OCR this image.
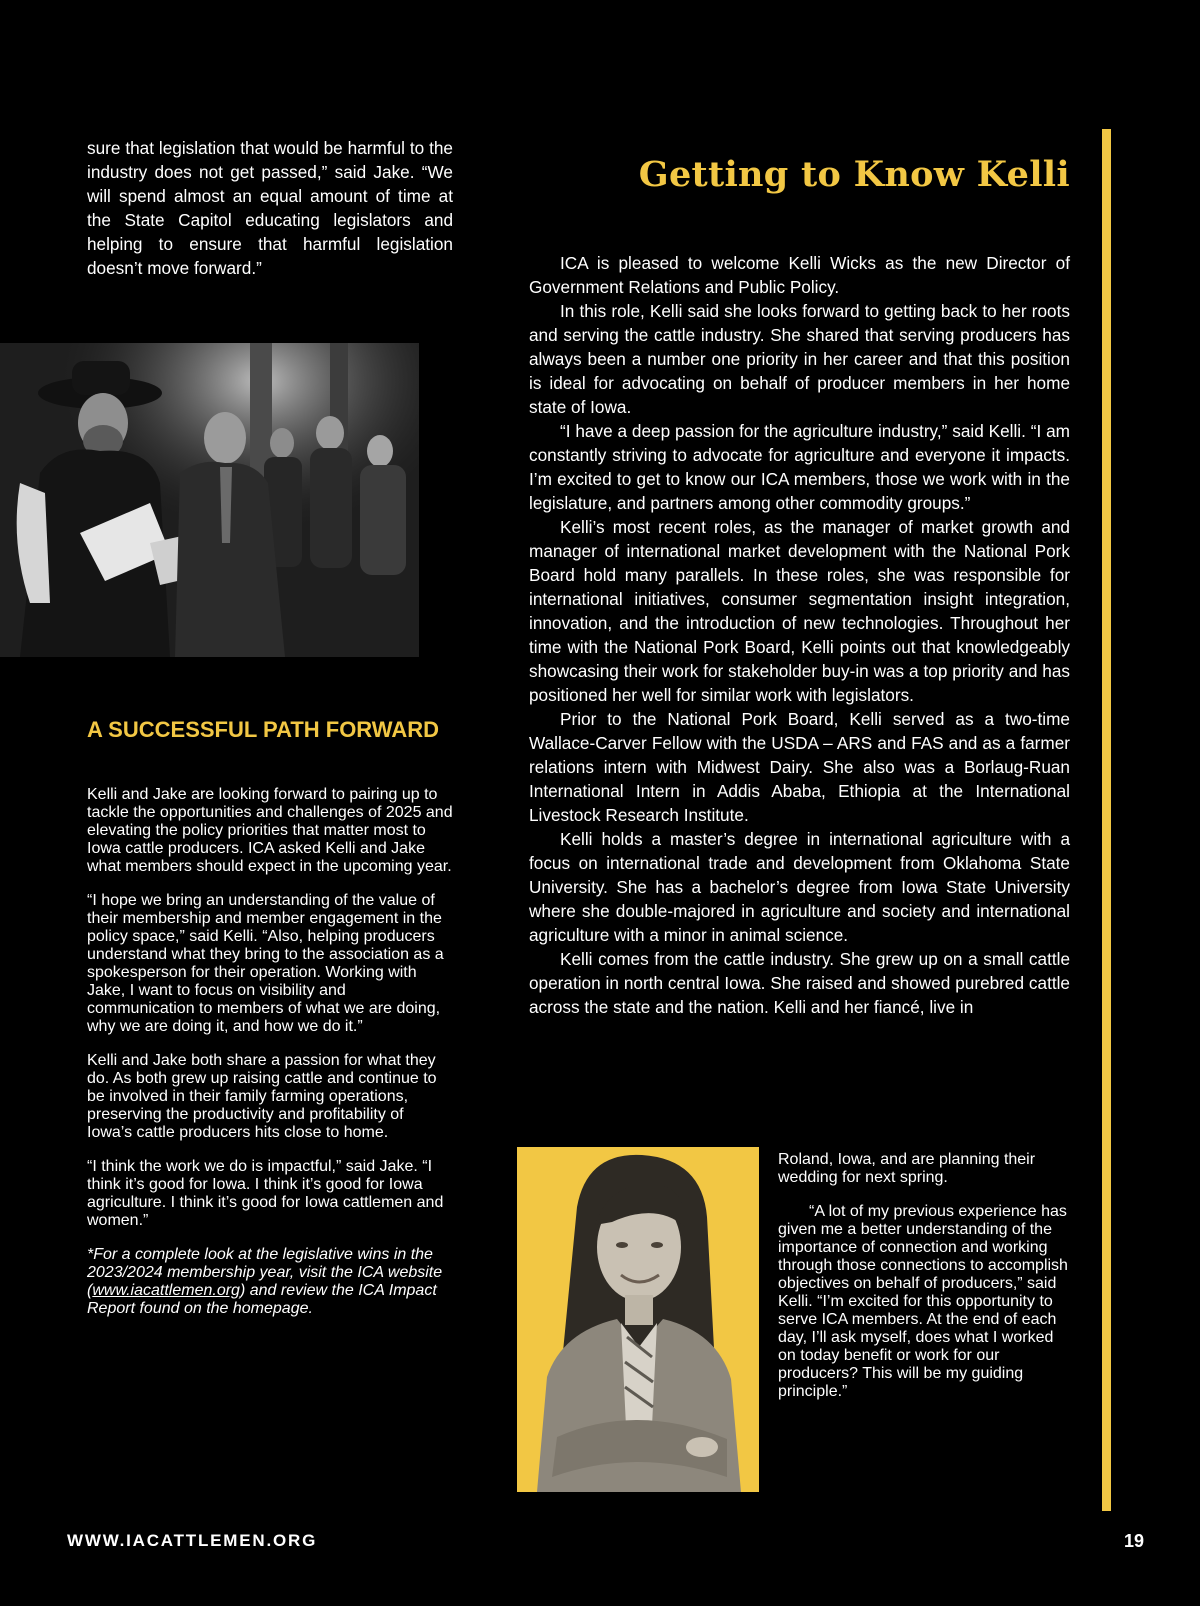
sure that legislation that would be harmful to the industry does not get passed,” said Jake. “We will spend almost an equal amount of time at the State Capitol educating legislators and helping to ensure that harmful legislation doesn’t move forward.”

A SUCCESSFUL PATH FORWARD

Kelli and Jake are looking forward to pairing up to tackle the opportunities and challenges of 2025 and elevating the policy priorities that matter most to Iowa cattle producers. ICA asked Kelli and Jake what members should expect in the upcoming year.

“I hope we bring an understanding of the value of their membership and member engagement in the policy space,” said Kelli. “Also, helping producers understand what they bring to the association as a spokesperson for their operation. Working with Jake, I want to focus on visibility and communication to members of what we are doing, why we are doing it, and how we do it.”

Kelli and Jake both share a passion for what they do. As both grew up raising cattle and continue to be involved in their family farming operations, preserving the productivity and profitability of Iowa’s cattle producers hits close to home.

“I think the work we do is impactful,” said Jake. “I think it’s good for Iowa. I think it’s good for Iowa agriculture. I think it’s good for Iowa cattlemen and women.”

*For a complete look at the legislative wins in the 2023/2024 membership year, visit the ICA website (www.iacattlemen.org) and review the ICA Impact Report found on the homepage.

Getting to Know Kelli

ICA is pleased to welcome Kelli Wicks as the new Director of Government Relations and Public Policy.

In this role, Kelli said she looks forward to getting back to her roots and serving the cattle industry. She shared that serving producers has always been a number one priority in her career and that this position is ideal for advocating on behalf of producer members in her home state of Iowa.

“I have a deep passion for the agriculture industry,” said Kelli. “I am constantly striving to advocate for agriculture and everyone it impacts. I’m excited to get to know our ICA members, those we work with in the legislature, and partners among other commodity groups.”

Kelli’s most recent roles, as the manager of market growth and manager of international market development with the National Pork Board hold many parallels. In these roles, she was responsible for international initiatives, consumer segmentation insight integration, innovation, and the introduction of new technologies. Throughout her time with the National Pork Board, Kelli points out that knowledgeably showcasing their work for stakeholder buy-in was a top priority and has positioned her well for similar work with legislators.

Prior to the National Pork Board, Kelli served as a two-time Wallace-Carver Fellow with the USDA – ARS and FAS and as a farmer relations intern with Midwest Dairy. She also was a Borlaug-Ruan International Intern in Addis Ababa, Ethiopia at the International Livestock Research Institute.

Kelli holds a master’s degree in international agriculture with a focus on international trade and development from Oklahoma State University. She has a bachelor’s degree from Iowa State University where she double-majored in agriculture and society and international agriculture with a minor in animal science.

Kelli comes from the cattle industry. She grew up on a small cattle operation in north central Iowa. She raised and showed purebred cattle across the state and the nation. Kelli and her fiancé, live in

Roland, Iowa, and are planning their wedding for next spring.

“A lot of my previous experience has given me a better understanding of the importance of connection and working through those connections to accomplish objectives on behalf of producers,” said Kelli. “I’m excited for this opportunity to serve ICA members. At the end of each day, I’ll ask myself, does what I worked on today benefit or work for our producers? This will be my guiding principle.”

WWW.IACATTLEMEN.ORG	19
